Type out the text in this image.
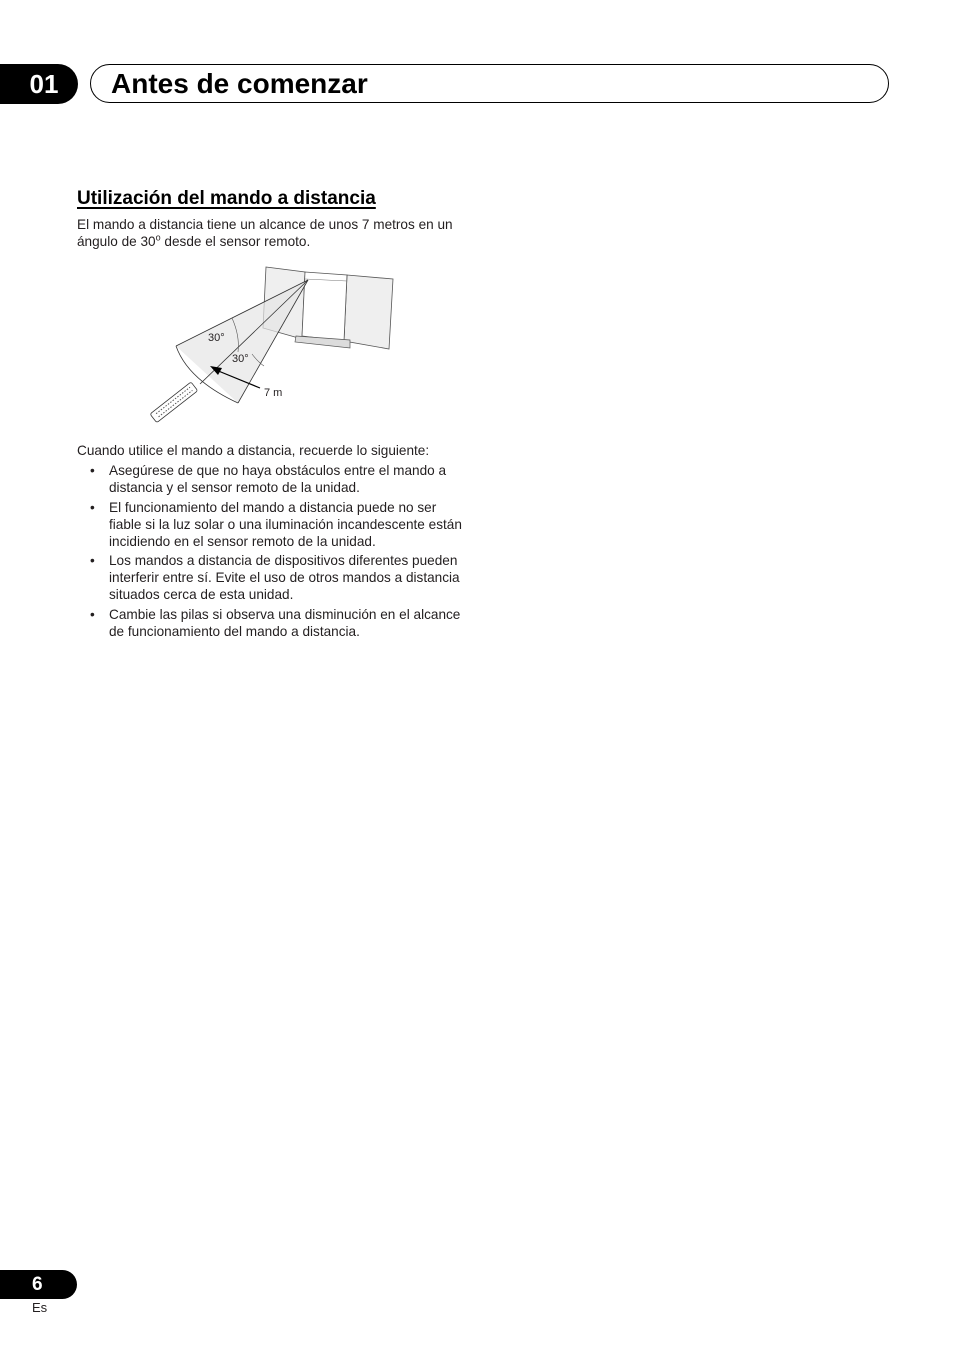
01	Antes de comenzar
Utilización del mando a distancia

El mando a distancia tiene un alcance de unos 7 metros en un ángulo de 30$^o$ desde el sensor remoto.

30°
30°
7 m

Cuando utilice el mando a distancia, recuerde lo siguiente:

• Asegúrese de que no haya obstáculos entre el mando a distancia y el sensor remoto de la unidad.
• El funcionamiento del mando a distancia puede no ser fiable si la luz solar o una iluminación incandescente están incidiendo en el sensor remoto de la unidad.
• Los mandos a distancia de dispositivos diferentes pueden interferir entre sí. Evite el uso de otros mandos a distancia situados cerca de esta unidad.
• Cambie las pilas si observa una disminución en el alcance de funcionamiento del mando a distancia.
6
Es
